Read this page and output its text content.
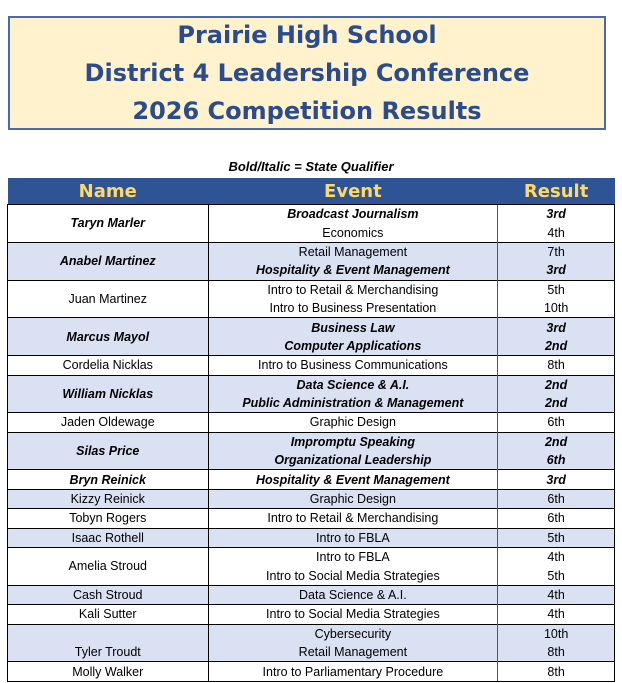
Prairie High School
District 4 Leadership Conference
2026 Competition Results
Bold/Italic = State Qualifier
Name	Event	Result
Taryn Marler	Broadcast Journalism	3rd
	Economics	4th
Anabel Martinez	Retail Management	7th
	Hospitality & Event Management	3rd
Juan Martinez	Intro to Retail & Merchandising	5th
	Intro to Business Presentation	10th
Marcus Mayol	Business Law	3rd
	Computer Applications	2nd
Cordelia Nicklas	Intro to Business Communications	8th
William Nicklas	Data Science & A.I.	2nd
	Public Administration & Management	2nd
Jaden Oldewage	Graphic Design	6th
Silas Price	Impromptu Speaking	2nd
	Organizational Leadership	6th
Bryn Reinick	Hospitality & Event Management	3rd
Kizzy Reinick	Graphic Design	6th
Tobyn Rogers	Intro to Retail & Merchandising	6th
Isaac Rothell	Intro to FBLA	5th
Amelia Stroud	Intro to FBLA	4th
	Intro to Social Media Strategies	5th
Cash Stroud	Data Science & A.I.	4th
Kali Sutter	Intro to Social Media Strategies	4th
Tyler Troudt	Cybersecurity	10th
	Retail Management	8th
Molly Walker	Intro to Parliamentary Procedure	8th
